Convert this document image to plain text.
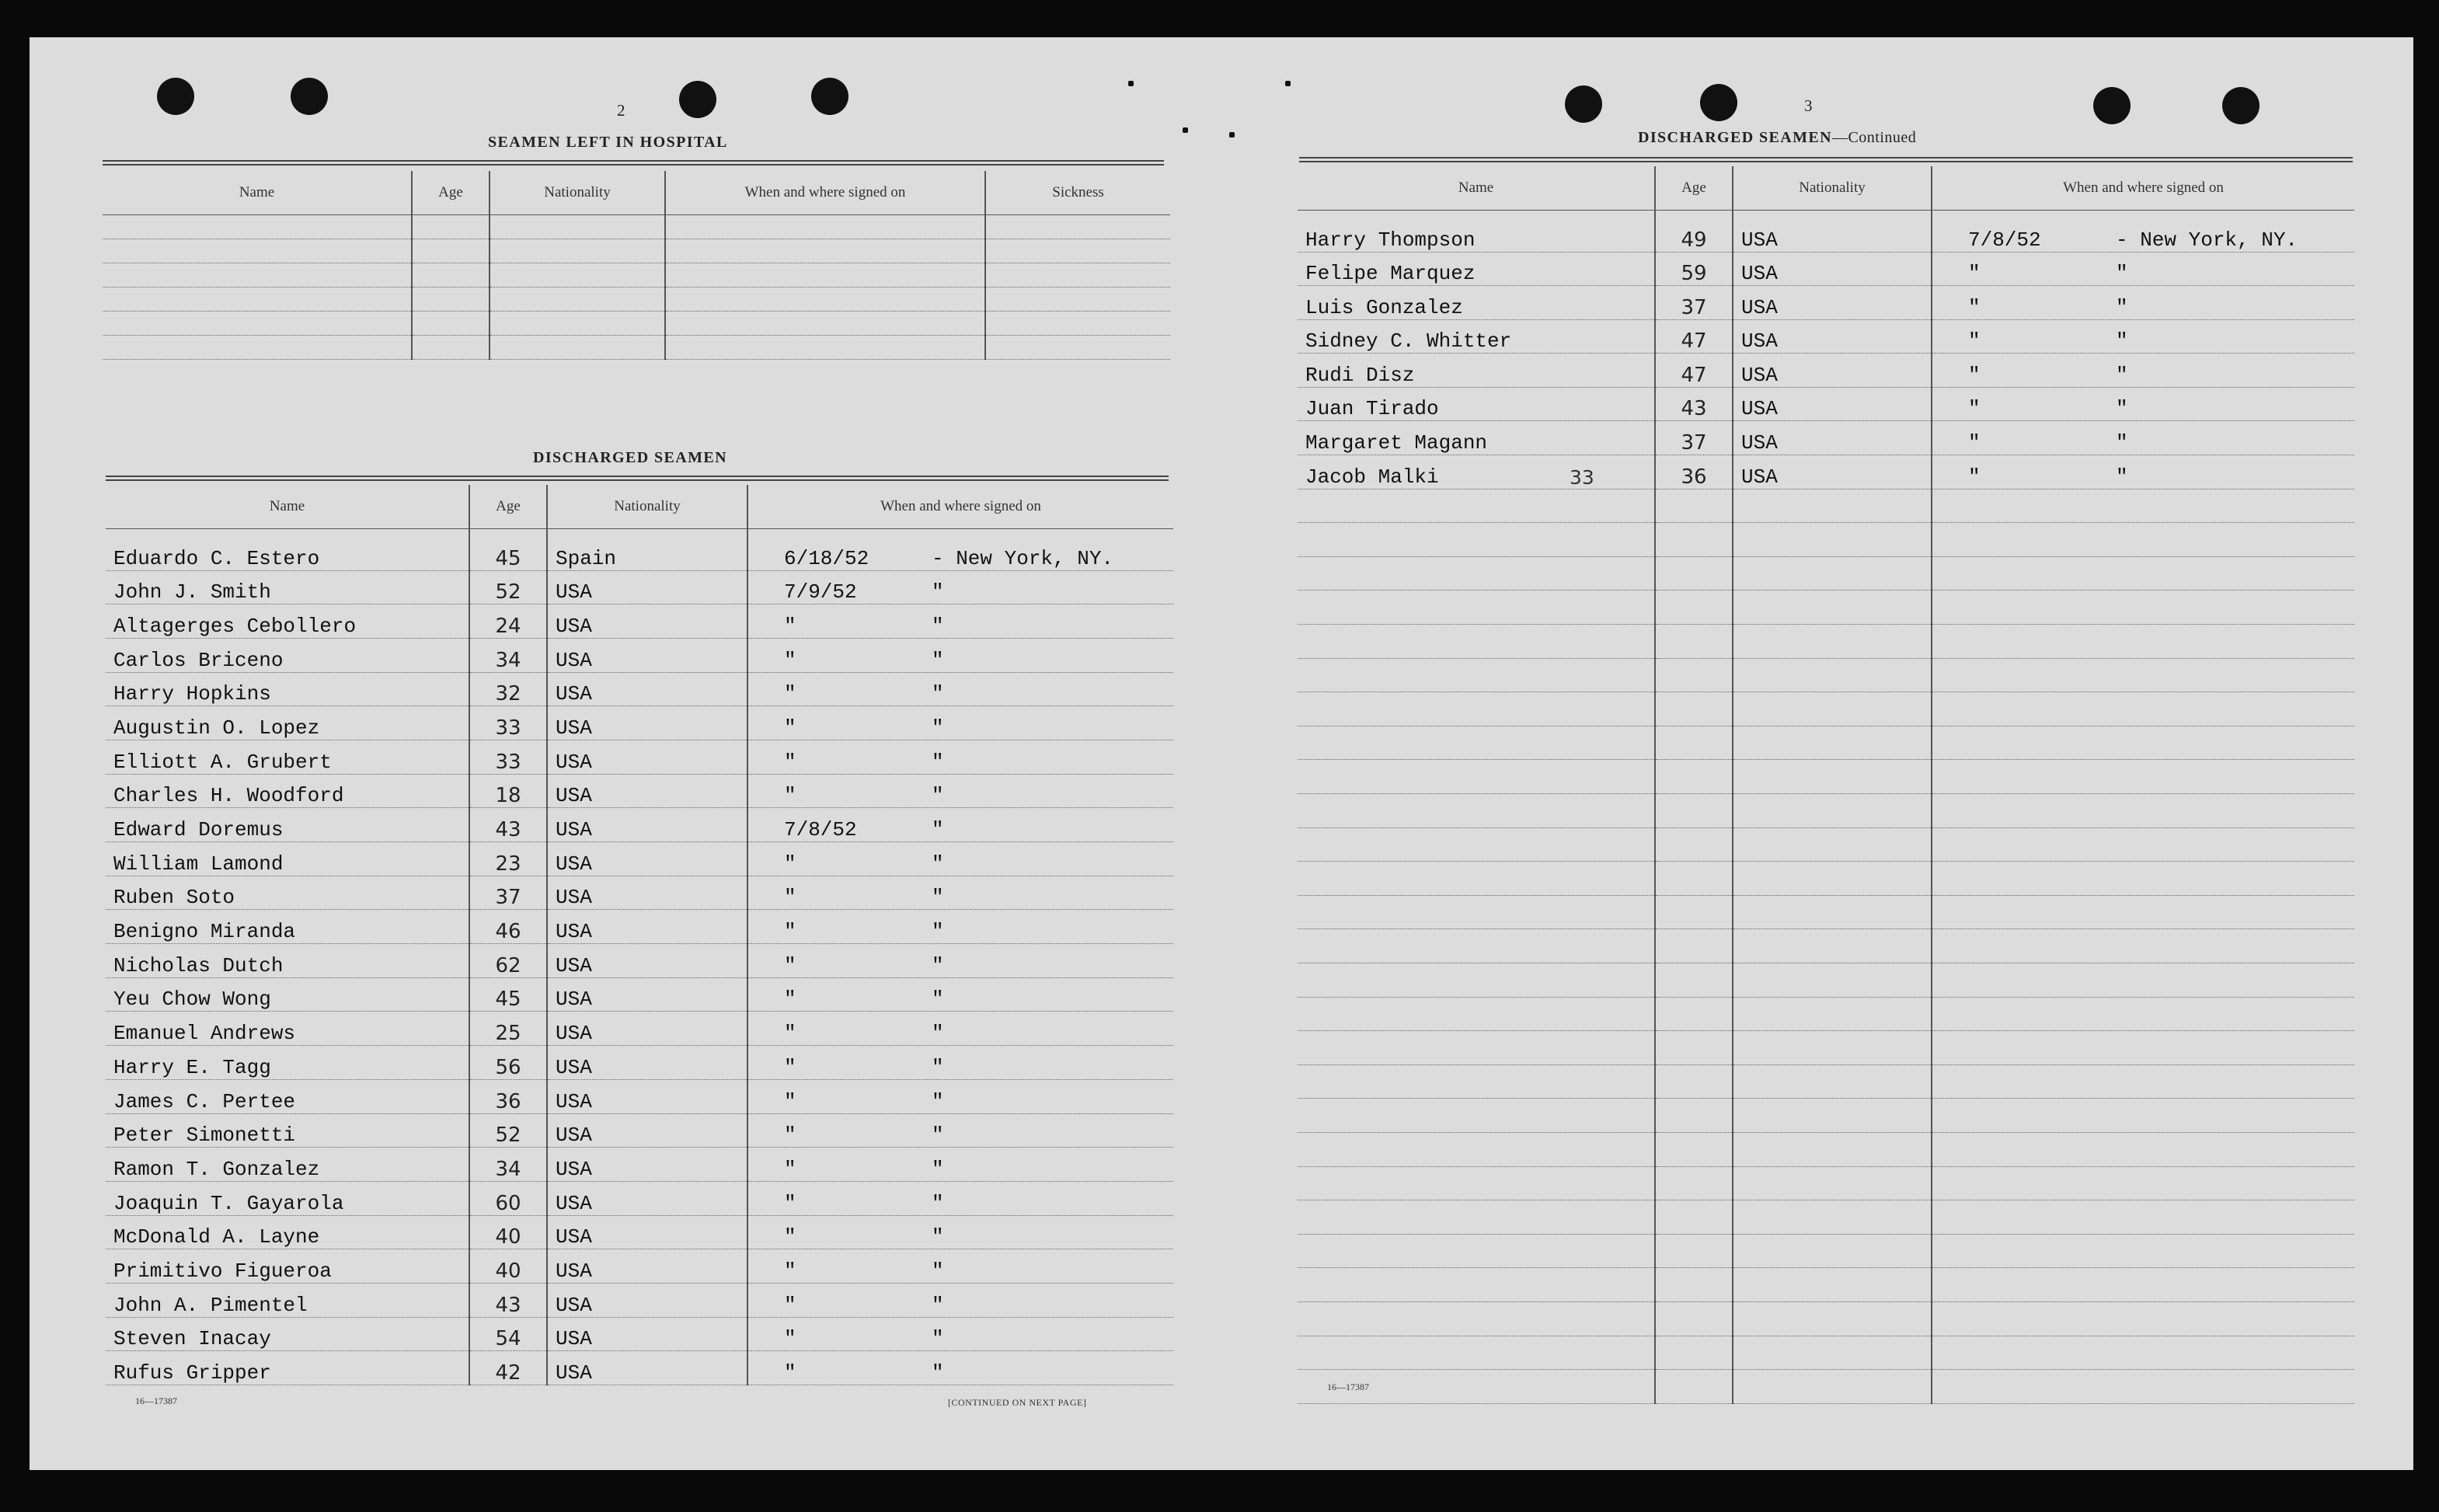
2
SEAMEN LEFT IN HOSPITAL
Name	Age	Nationality	When and where signed on	Sickness

DISCHARGED SEAMEN
Name	Age	Nationality	When and where signed on
Eduardo C. Estero	45	Spain	6/18/52 - New York, NY.
John J. Smith	52	USA	7/9/52 "
Altagerges Cebollero	24	USA	" "
Carlos Briceno	34	USA	" "
Harry Hopkins	32	USA	" "
Augustin O. Lopez	33	USA	" "
Elliott A. Grubert	33	USA	" "
Charles H. Woodford	18	USA	" "
Edward Doremus	43	USA	7/8/52 "
William Lamond	23	USA	" "
Ruben Soto	37	USA	" "
Benigno Miranda	46	USA	" "
Nicholas Dutch	62	USA	" "
Yeu Chow Wong	45	USA	" "
Emanuel Andrews	25	USA	" "
Harry E. Tagg	56	USA	" "
James C. Pertee	36	USA	" "
Peter Simonetti	52	USA	" "
Ramon T. Gonzalez	34	USA	" "
Joaquin T. Gayarola	60	USA	" "
McDonald A. Layne	40	USA	" "
Primitivo Figueroa	40	USA	" "
John A. Pimentel	43	USA	" "
Steven Inacay	54	USA	" "
Rufus Gripper	42	USA	" "
16—17387	[CONTINUED ON NEXT PAGE]
3
DISCHARGED SEAMEN—Continued
Name	Age	Nationality	When and where signed on
Harry Thompson	49	USA	7/8/52 - New York, NY.
Felipe Marquez	59	USA	" "
Luis Gonzalez	37	USA	" "
Sidney C. Whitter	47	USA	" "
Rudi Disz	47	USA	" "
Juan Tirado	43	USA	" "
Margaret Magann	37	USA	" "
Jacob Malki	36	USA	" "

33
16—17387
